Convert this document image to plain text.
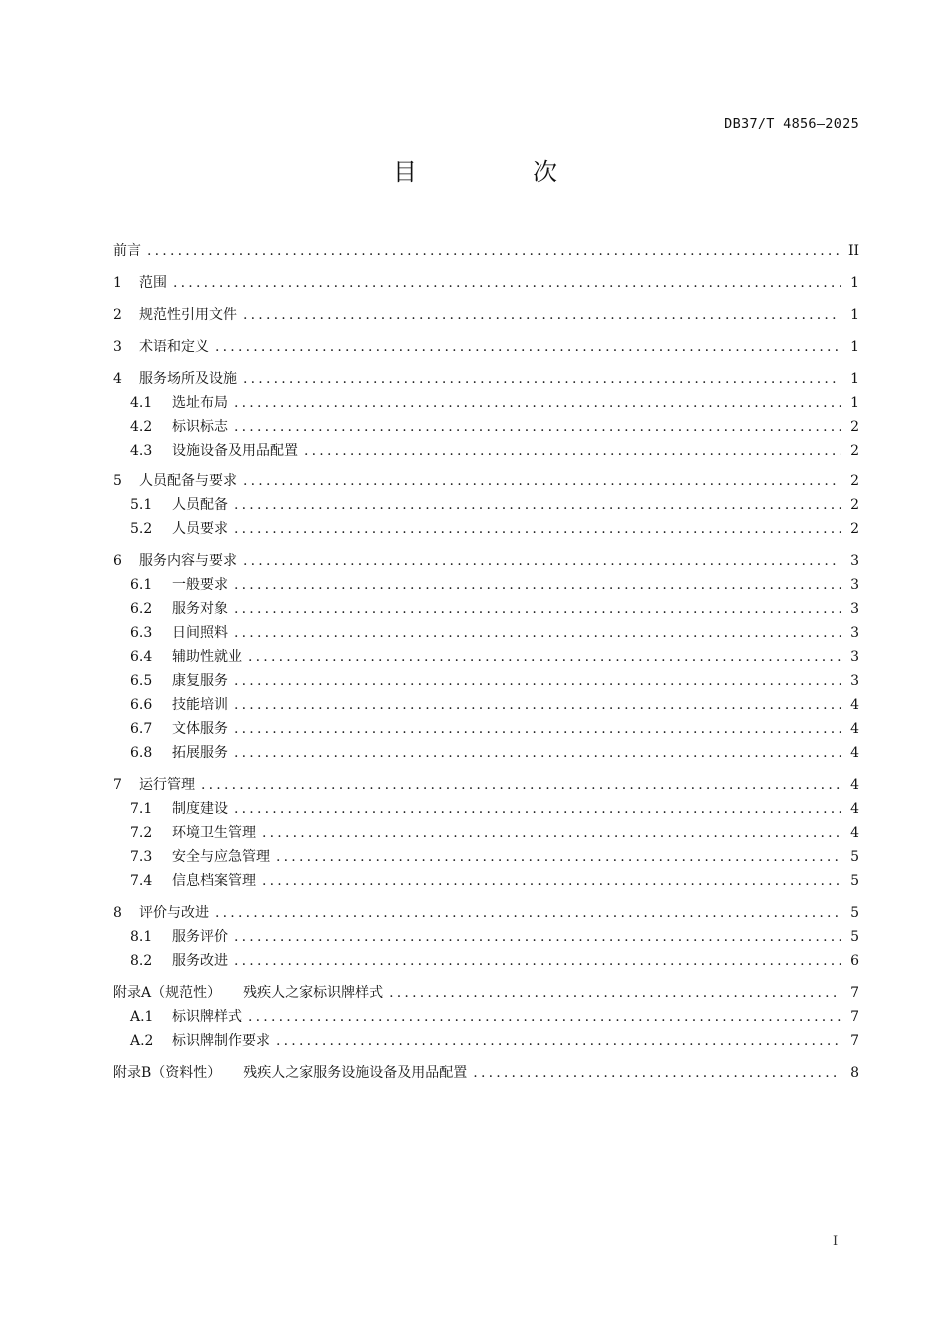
DB37/T 4856—2025
目　次
前言 .....	II
1	范围 .....	1
2	规范性引用文件 .....	1
3	术语和定义 .....	1
4	服务场所及设施 .....	1
4.1	选址布局 .....	1
4.2	标识标志 .....	2
4.3	设施设备及用品配置 .....	2
5	人员配备与要求 .....	2
5.1	人员配备 .....	2
5.2	人员要求 .....	2
6	服务内容与要求 .....	3
6.1	一般要求 .....	3
6.2	服务对象 .....	3
6.3	日间照料 .....	3
6.4	辅助性就业 .....	3
6.5	康复服务 .....	3
6.6	技能培训 .....	4
6.7	文体服务 .....	4
6.8	拓展服务 .....	4
7	运行管理 .....	4
7.1	制度建设 .....	4
7.2	环境卫生管理 .....	4
7.3	安全与应急管理 .....	5
7.4	信息档案管理 .....	5
8	评价与改进 .....	5
8.1	服务评价 .....	5
8.2	服务改进 .....	6
附录A（规范性） 残疾人之家标识牌样式 .....	7
A.1	标识牌样式 .....	7
A.2	标识牌制作要求 .....	7
附录B（资料性） 残疾人之家服务设施设备及用品配置 .....	8
I
